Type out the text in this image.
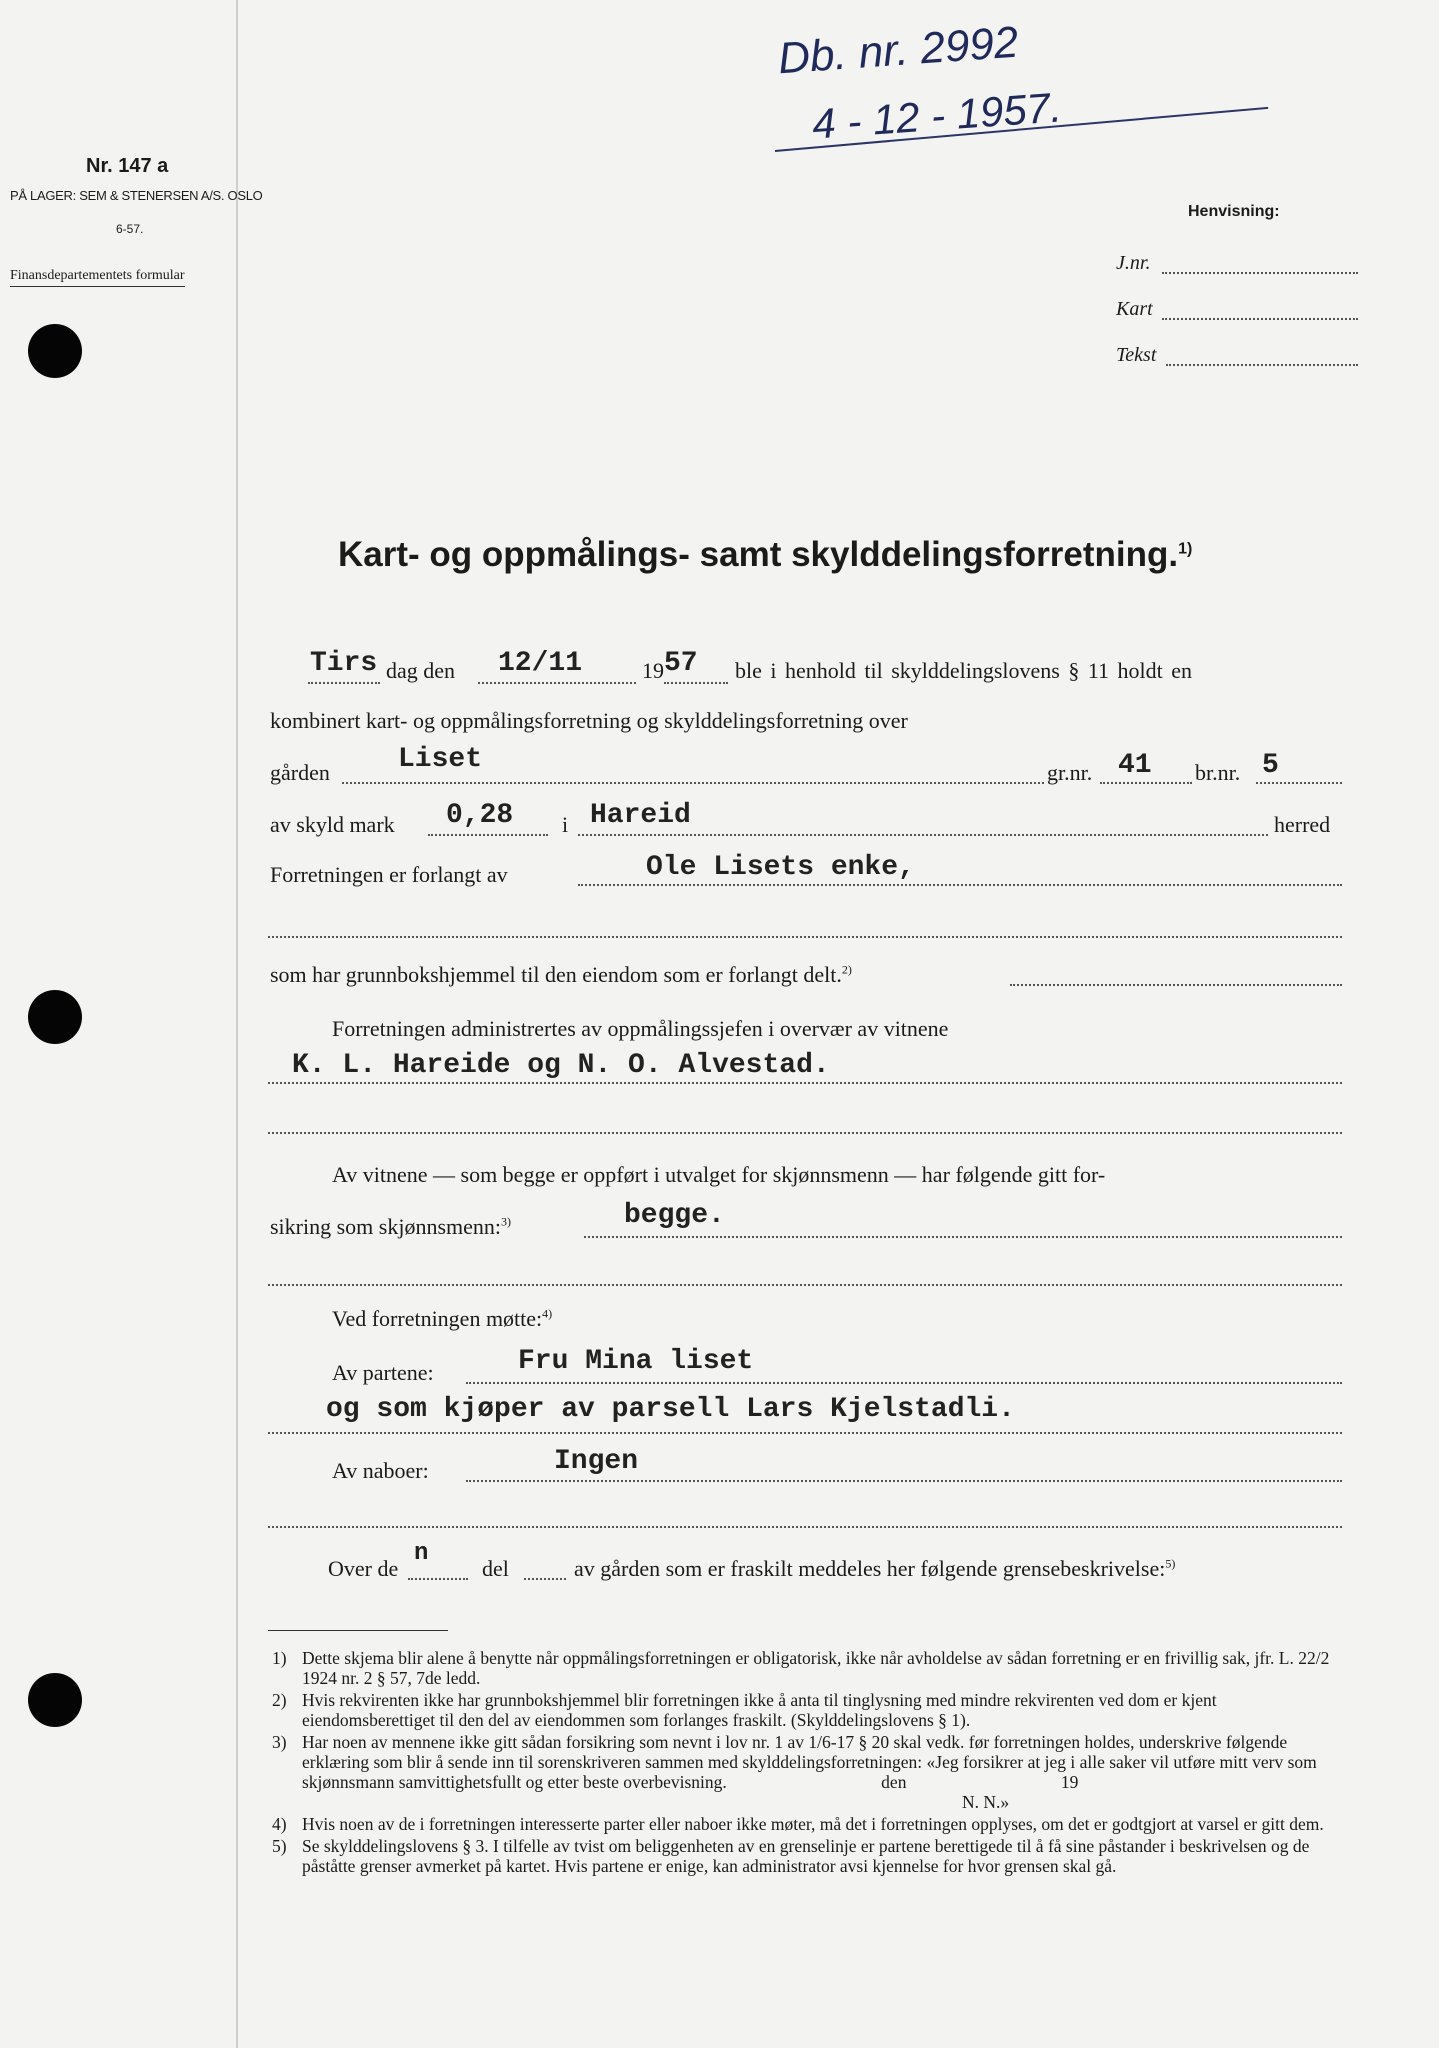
Nr. 147 a
PÅ LAGER: SEM & STENERSEN A/S. OSLO
6-57.
Finansdepartementets formular
Db. nr. 2992
4 - 12 - 1957.
Henvisning:
J.nr.
Kart
Tekst
Kart- og oppmålings- samt skylddelingsforretning.$^{1)}$
Tirs dag den 12/11	19 57 ble i henhold til skylddelingslovens § 11 holdt en
kombinert kart- og oppmålingsforretning og skylddelingsforretning over
gården Liset	gr.nr. 41 br.nr. 5
av skyld mark 0,28 i Hareid	herred
Forretningen er forlangt av	Ole Lisets enke,
som har grunnbokshjemmel til den eiendom som er forlangt delt.$^{2)}$
Forretningen administrertes av oppmålingssjefen i overvær av vitnene
K. L. Hareide og N. O. Alvestad.
Av vitnene — som begge er oppført i utvalget for skjønnsmenn — har følgende gitt for-
sikring som skjønnsmenn:$^{3)}$	begge.
Ved forretningen møtte:$^{4)}$
Av partene:	Fru Mina liset
og som kjøper av parsell Lars Kjelstadli.
Av naboer:	Ingen
Over de
n
del	av gården som er fraskilt meddeles her følgende grensebeskrivelse:$^{5)}$
1) Dette skjema blir alene å benytte når oppmålingsforretningen er obligatorisk, ikke når avholdelse av sådan forretning er en frivillig sak, jfr. L. 22/2 1924 nr. 2 § 57, 7de ledd.
2) Hvis rekvirenten ikke har grunnbokshjemmel blir forretningen ikke å anta til tinglysning med mindre rekvirenten ved dom er kjent eiendomsberettiget til den del av eiendommen som forlanges fraskilt. (Skylddelingslovens § 1).
3) Har noen av mennene ikke gitt sådan forsikring som nevnt i lov nr. 1 av 1/6-17 § 20 skal vedk. før forretningen holdes, underskrive følgende erklæring som blir å sende inn til sorenskriveren sammen med skylddelingsforretningen: «Jeg forsikrer at jeg i alle saker vil utføre mitt verv som skjønnsmann samvittighetsfullt og etter beste overbevisning.	den	19
N. N.»
4) Hvis noen av de i forretningen interesserte parter eller naboer ikke møter, må det i forretningen opplyses, om det er godtgjort at varsel er gitt dem.
5) Se skylddelingslovens § 3. I tilfelle av tvist om beliggenheten av en grenselinje er partene berettigede til å få sine påstander i beskrivelsen og de påståtte grenser avmerket på kartet. Hvis partene er enige, kan administrator avsi kjennelse for hvor grensen skal gå.
